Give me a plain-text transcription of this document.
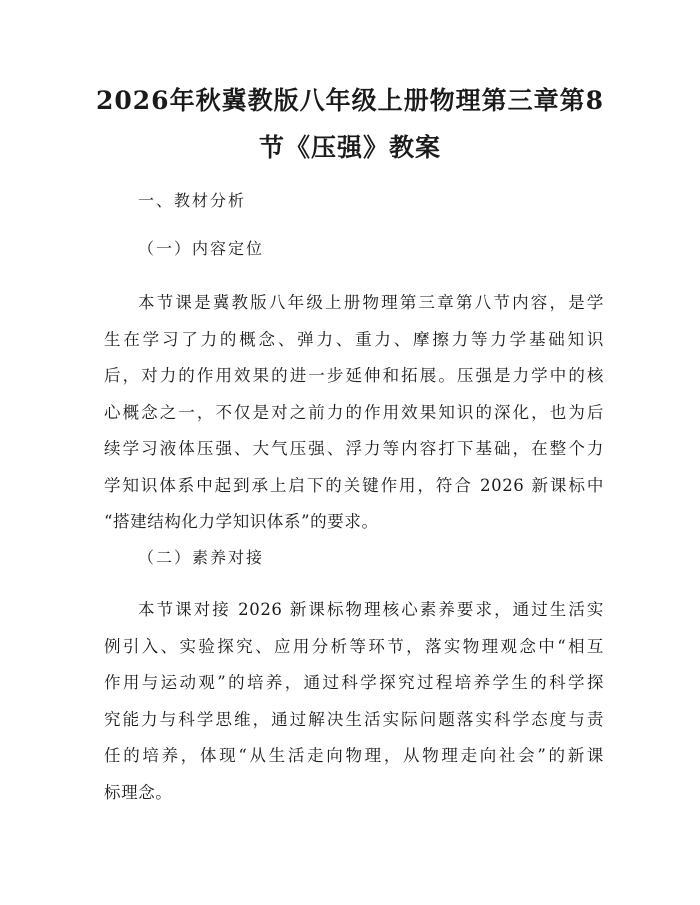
2026年秋冀教版八年级上册物理第三章第8
节《压强》教案
一、教材分析
（一）内容定位
本节课是冀教版八年级上册物理第三章第八节内容，是学
生在学习了力的概念、弹力、重力、摩擦力等力学基础知识
后，对力的作用效果的进一步延伸和拓展。压强是力学中的核
心概念之一，不仅是对之前力的作用效果知识的深化，也为后
续学习液体压强、大气压强、浮力等内容打下基础，在整个力
学知识体系中起到承上启下的关键作用，符合 2026 新课标中
“搭建结构化力学知识体系”的要求。
（二）素养对接
本节课对接 2026 新课标物理核心素养要求，通过生活实
例引入、实验探究、应用分析等环节，落实物理观念中“相互
作用与运动观”的培养，通过科学探究过程培养学生的科学探
究能力与科学思维，通过解决生活实际问题落实科学态度与责
任的培养，体现“从生活走向物理，从物理走向社会”的新课
标理念。
